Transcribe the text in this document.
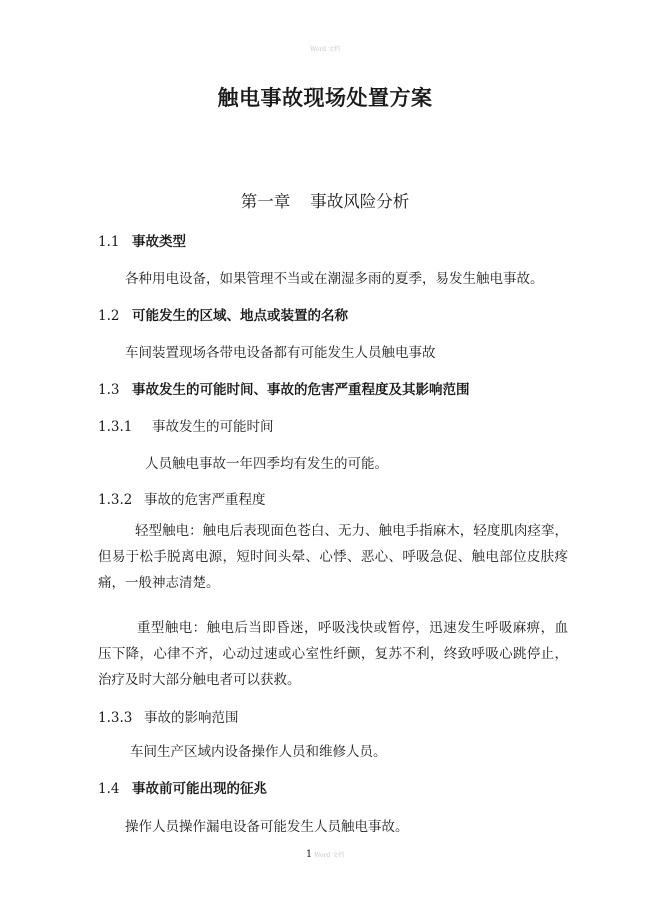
Word 文档
触电事故现场处置方案
第一章 事故风险分析
1.1 事故类型
各种用电设备，如果管理不当或在潮湿多雨的夏季，易发生触电事故。
1.2 可能发生的区域、地点或装置的名称
车间装置现场各带电设备都有可能发生人员触电事故
1.3 事故发生的可能时间、事故的危害严重程度及其影响范围
1.3.1 事故发生的可能时间
人员触电事故一年四季均有发生的可能。
1.3.2 事故的危害严重程度
轻型触电：触电后表现面色苍白、无力、触电手指麻木，轻度肌肉痉挛，但易于松手脱离电源，短时间头晕、心悸、恶心、呼吸急促、触电部位皮肤疼痛，一般神志清楚。
重型触电：触电后当即昏迷，呼吸浅快或暂停，迅速发生呼吸麻痹，血压下降，心律不齐，心动过速或心室性纤颤，复苏不利，终致呼吸心跳停止，治疗及时大部分触电者可以获救。
1.3.3 事故的影响范围
车间生产区域内设备操作人员和维修人员。
1.4 事故前可能出现的征兆
操作人员操作漏电设备可能发生人员触电事故。
1 Word 文档
